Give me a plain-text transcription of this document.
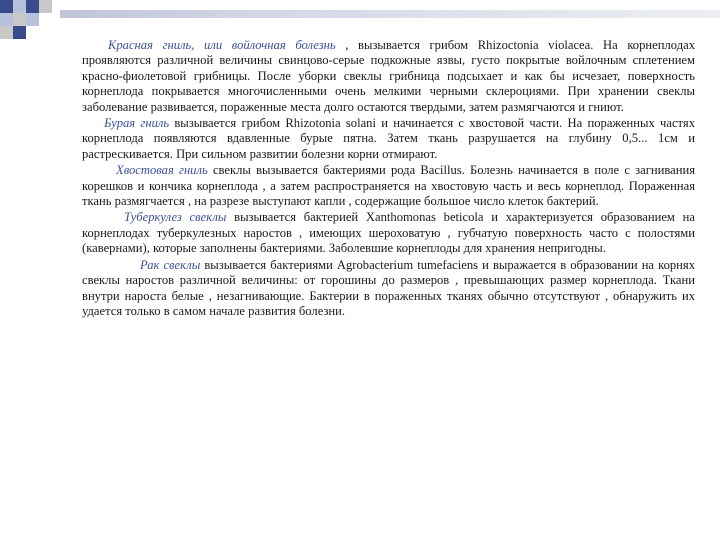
Красная гниль, или войлочная болезнь , вызывается грибом Rhizoctonia violacea. На корнеплодах проявляются различной величины свинцово-серые подкожные язвы, густо покрытые войлочным сплетением красно-фиолетовой грибницы. После уборки свеклы грибница подсыхает и как бы исчезает, поверхность корнеплода покрывается многочисленными очень мелкими черными склероциями. При хранении свеклы заболевание развивается, пораженные места долго остаются твердыми, затем размягчаются и гниют.

Бурая гниль вызывается грибом Rhizotonia solani и начинается с хвостовой части. На пораженных частях корнеплода появляются вдавленные бурые пятна. Затем ткань разрушается на глубину 0,5... 1см и растрескивается. При сильном развитии болезни корни отмирают.

Хвостовая гниль свеклы вызывается бактериями рода Bacillus. Болезнь начинается в поле с загнивания корешков и кончика корнеплода , а затем распространяется на хвостовую часть и весь корнеплод. Пораженная ткань размягчается , на разрезе выступают капли , содержащие большое число клеток бактерий.

Туберкулез свеклы вызывается бактерией Xanthomonas beticola и характеризуется образованием на корнеплодах туберкулезных наростов , имеющих шероховатую , губчатую поверхность часто с полостями (кавернами), которые заполнены бактериями. Заболевшие корнеплоды для хранения непригодны.

Рак свеклы вызывается бактериями Agrobacterium tumefaciens и выражается в образовании на корнях свеклы наростов различной величины: от горошины до размеров , превышающих размер корнеплода. Ткани внутри нароста белые , незагнивающие. Бактерии в пораженных тканях обычно отсутствуют , обнаружить их удается только в самом начале развития болезни.
